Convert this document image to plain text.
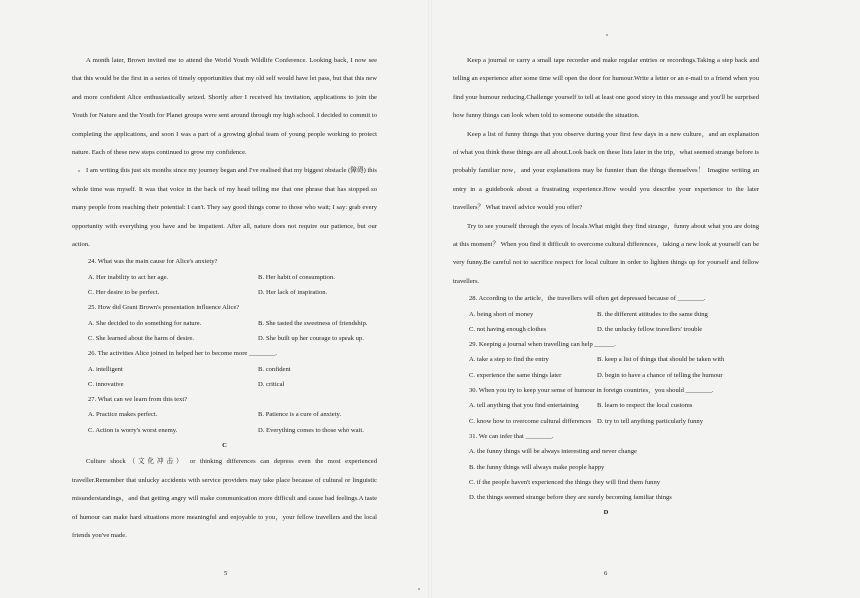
A month later, Brown invited me to attend the World Youth Wildlife Conference. Looking back, I now see that this would be the first in a series of timely opportunities that my old self would have let pass, but that this new and more confident Alice enthusiastically seized. Shortly after I received his invitation, applications to join the Youth for Nature and the Youth for Planet groups were sent around through my high school. I decided to commit to completing the applications, and soon I was a part of a growing global team of young people working to protect nature. Each of these new steps continued to grow my confidence.

I am writing this just six months since my journey began and I've realised that my biggest obstacle (障碍) this whole time was myself. It was that voice in the back of my head telling me that one phrase that has stopped so many people from reaching their potential: I can't. They say good things come to those who wait; I say: grab every opportunity with everything you have and be impatient. After all, nature does not require our patience, but our action.

24. What was the main cause for Alice's anxiety?
A. Her inability to act her age.	B. Her habit of consumption.
C. Her desire to be perfect.	D. Her lack of inspiration.
25. How did Grant Brown's presentation influence Alice?
A. She decided to do something for nature.	B. She tasted the sweetness of friendship.
C. She learned about the harm of desire.	D. She built up her courage to speak up.
26. The activities Alice joined in helped her to become more ________.
A. intelligent	B. confident
C. innovative	D. critical
27. What can we learn from this text?
A. Practice makes perfect.	B. Patience is a cure of anxiety.
C. Action is worry's worst enemy.	D. Everything comes to those who wait.
C

Culture shock（文化冲击） or thinking differences can depress even the most experienced traveller.Remember that unlucky accidents with service providers may take place because of cultural or linguistic misunderstandings，and that getting angry will make communication more difficult and cause bad feelings.A taste of humour can make hard situations more meaningful and enjoyable to you，your fellow travellers and the local friends you've made.

5

Keep a journal or carry a small tape recorder and make regular entries or recordings.Taking a step back and telling an experience after some time will open the door for humour.Write a letter or an e-mail to a friend when you find your humour reducing.Challenge yourself to tell at least one good story in this message and you'll be surprised how funny things can look when told to someone outside the situation.

Keep a list of funny things that you observe during your first few days in a new culture，and an explanation of what you think these things are all about.Look back on these lists later in the trip，what seemed strange before is probably familiar now，and your explanations may be funnier than the things themselves！ Imagine writing an entry in a guidebook about a frustrating experience.How would you describe your experience to the later travellers？ What travel advice would you offer?

Try to see yourself through the eyes of locals.What might they find strange，funny about what you are doing at this moment？ When you find it difficult to overcome cultural differences，taking a new look at yourself can be very funny.Be careful not to sacrifice respect for local culture in order to lighten things up for yourself and fellow travellers.

28. According to the article，the travellers will often get depressed because of ________.
A. being short of money	B. the different attitudes to the same thing
C. not having enough clothes	D. the unlucky fellow travellers' trouble
29. Keeping a journal when travelling can help ______.
A. take a step to find the entry	B. keep a list of things that should be taken with
C. experience the same things later	D. begin to have a chance of telling the humour
30. When you try to keep your sense of humour in foreign countries，you should ________.
A. tell anything that you find entertaining	B. learn to respect the local customs
C. know how to overcome cultural differences D. try to tell anything particularly funny
31. We can infer that ________.
A. the funny things will be always interesting and never change
B. the funny things will always make people happy
C. if the people haven't experienced the things they will find them funny
D. the things seemed strange before they are surely becoming familiar things
D
6
